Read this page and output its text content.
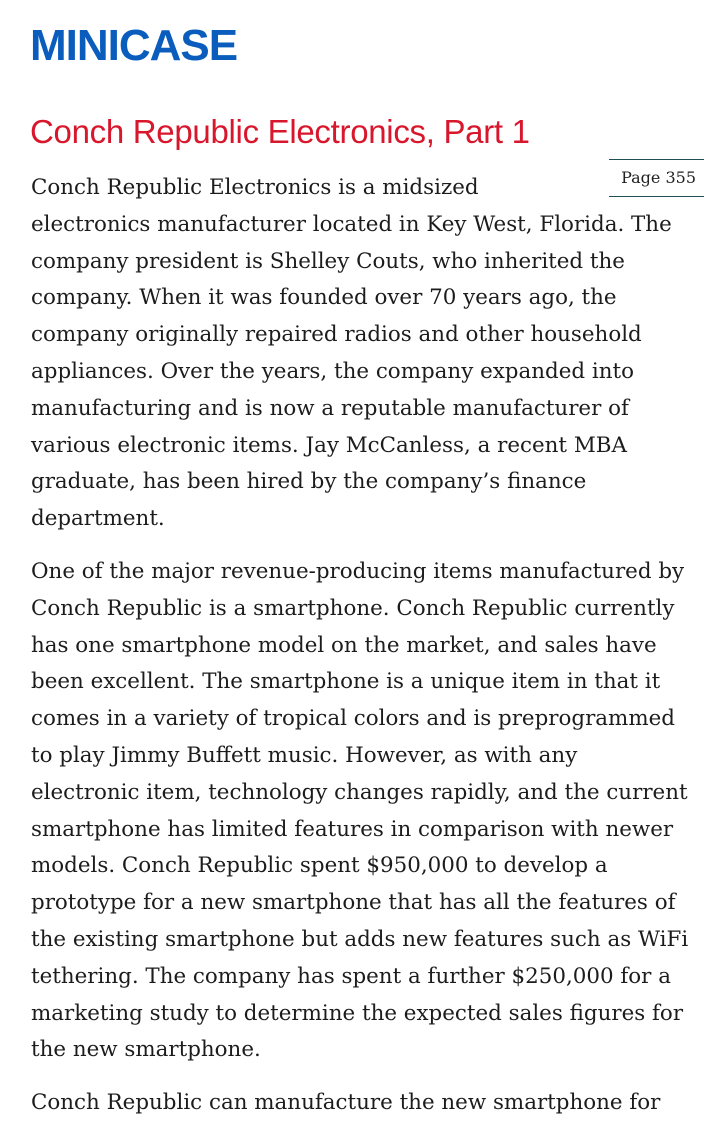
MINICASE
Conch Republic Electronics, Part 1
Page 355

Conch Republic Electronics is a midsized
electronics manufacturer located in Key West, Florida. The
company president is Shelley Couts, who inherited the
company. When it was founded over 70 years ago, the
company originally repaired radios and other household
appliances. Over the years, the company expanded into
manufacturing and is now a reputable manufacturer of
various electronic items. Jay McCanless, a recent MBA
graduate, has been hired by the company’s finance
department.

One of the major revenue-producing items manufactured by
Conch Republic is a smartphone. Conch Republic currently
has one smartphone model on the market, and sales have
been excellent. The smartphone is a unique item in that it
comes in a variety of tropical colors and is preprogrammed
to play Jimmy Buffett music. However, as with any
electronic item, technology changes rapidly, and the current
smartphone has limited features in comparison with newer
models. Conch Republic spent $950,000 to develop a
prototype for a new smartphone that has all the features of
the existing smartphone but adds new features such as WiFi
tethering. The company has spent a further $250,000 for a
marketing study to determine the expected sales figures for
the new smartphone.

Conch Republic can manufacture the new smartphone for
